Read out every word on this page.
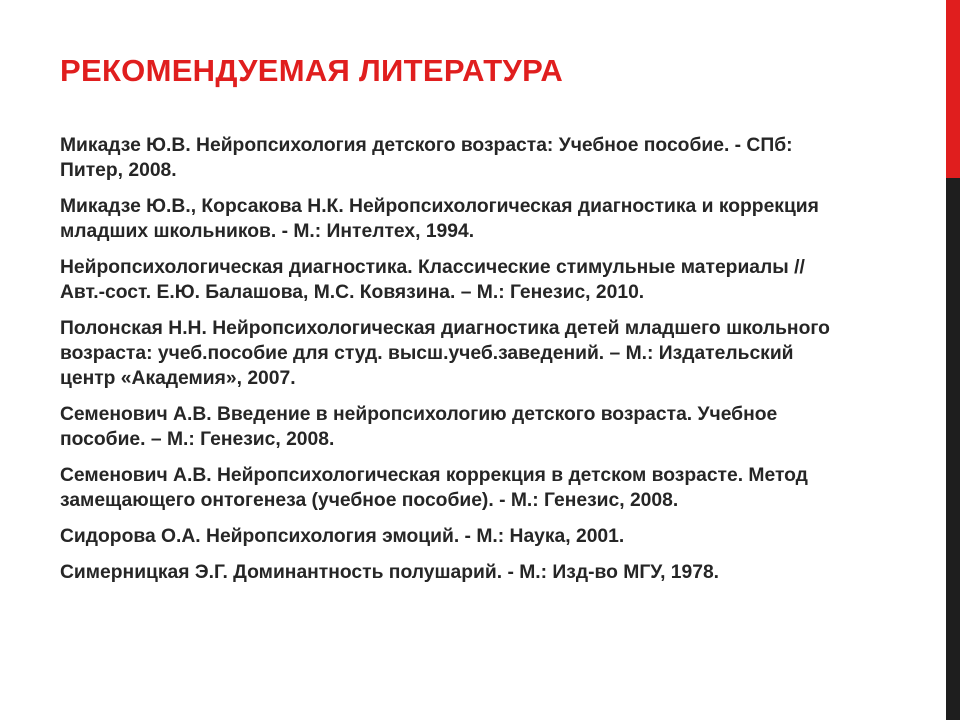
РЕКОМЕНДУЕМАЯ ЛИТЕРАТУРА
Микадзе Ю.В. Нейропсихология детского возраста: Учебное пособие. - СПб: Питер, 2008.
Микадзе Ю.В., Корсакова Н.К. Нейропсихологическая диагностика и коррекция младших школьников. - М.: Интелтех, 1994.
Нейропсихологическая диагностика. Классические стимульные материалы // Авт.-сост. Е.Ю. Балашова, М.С. Ковязина. – М.: Генезис, 2010.
Полонская Н.Н. Нейропсихологическая диагностика детей младшего школьного возраста: учеб.пособие для студ. высш.учеб.заведений. – М.: Издательский центр «Академия», 2007.
Семенович А.В. Введение в нейропсихологию детского возраста. Учебное пособие. – М.: Генезис, 2008.
Семенович А.В. Нейропсихологическая коррекция в детском возрасте. Метод замещающего онтогенеза (учебное пособие). - М.: Генезис, 2008.
Сидорова О.А. Нейропсихология эмоций. - М.: Наука, 2001.
Симерницкая Э.Г. Доминантность полушарий. - М.: Изд-во МГУ, 1978.
